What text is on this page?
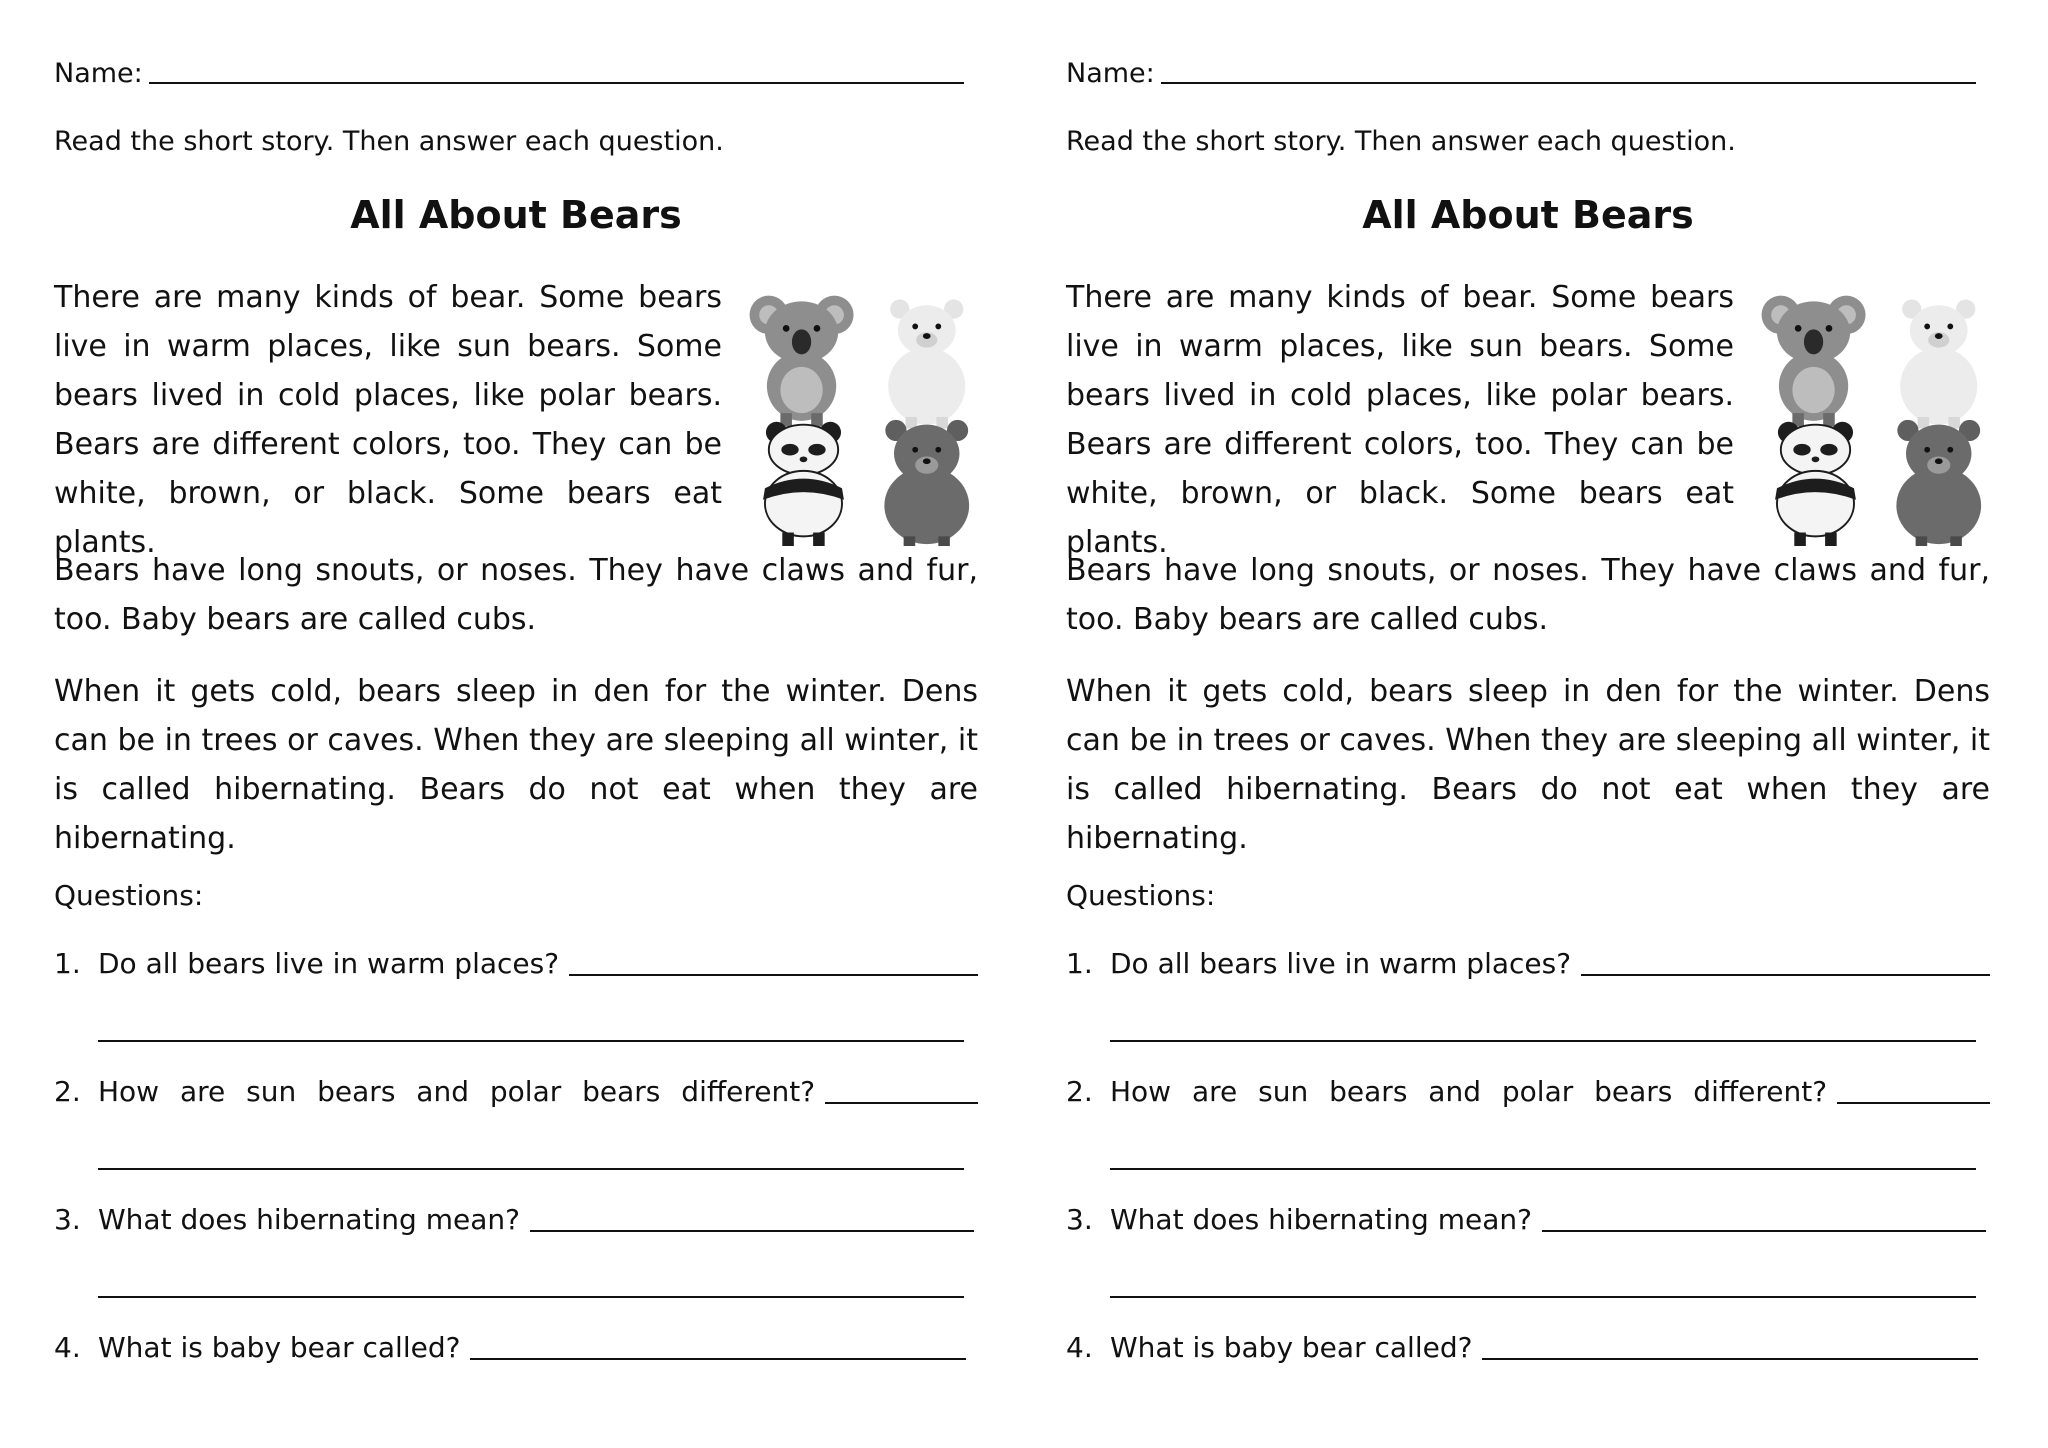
Name:
Read the short story. Then answer each question.
All About Bears

There are many kinds of bear. Some bears live in warm places, like sun bears. Some bears lived in cold places, like polar bears. Bears are different colors, too. They can be white, brown, or black. Some bears eat plants.

Bears have long snouts, or noses. They have claws and fur, too. Baby bears are called cubs.

When it gets cold, bears sleep in den for the winter. Dens can be in trees or caves. When they are sleeping all winter, it is called hibernating. Bears do not eat when they are hibernating.

Questions:
1. Do all bears live in warm places?
2. How are sun bears and polar bears different?
3. What does hibernating mean?
4. What is baby bear called?
Name:
Read the short story. Then answer each question.
All About Bears

There are many kinds of bear. Some bears live in warm places, like sun bears. Some bears lived in cold places, like polar bears. Bears are different colors, too. They can be white, brown, or black. Some bears eat plants.

Bears have long snouts, or noses. They have claws and fur, too. Baby bears are called cubs.

When it gets cold, bears sleep in den for the winter. Dens can be in trees or caves. When they are sleeping all winter, it is called hibernating. Bears do not eat when they are hibernating.

Questions:
1. Do all bears live in warm places?
2. How are sun bears and polar bears different?
3. What does hibernating mean?
4. What is baby bear called?
